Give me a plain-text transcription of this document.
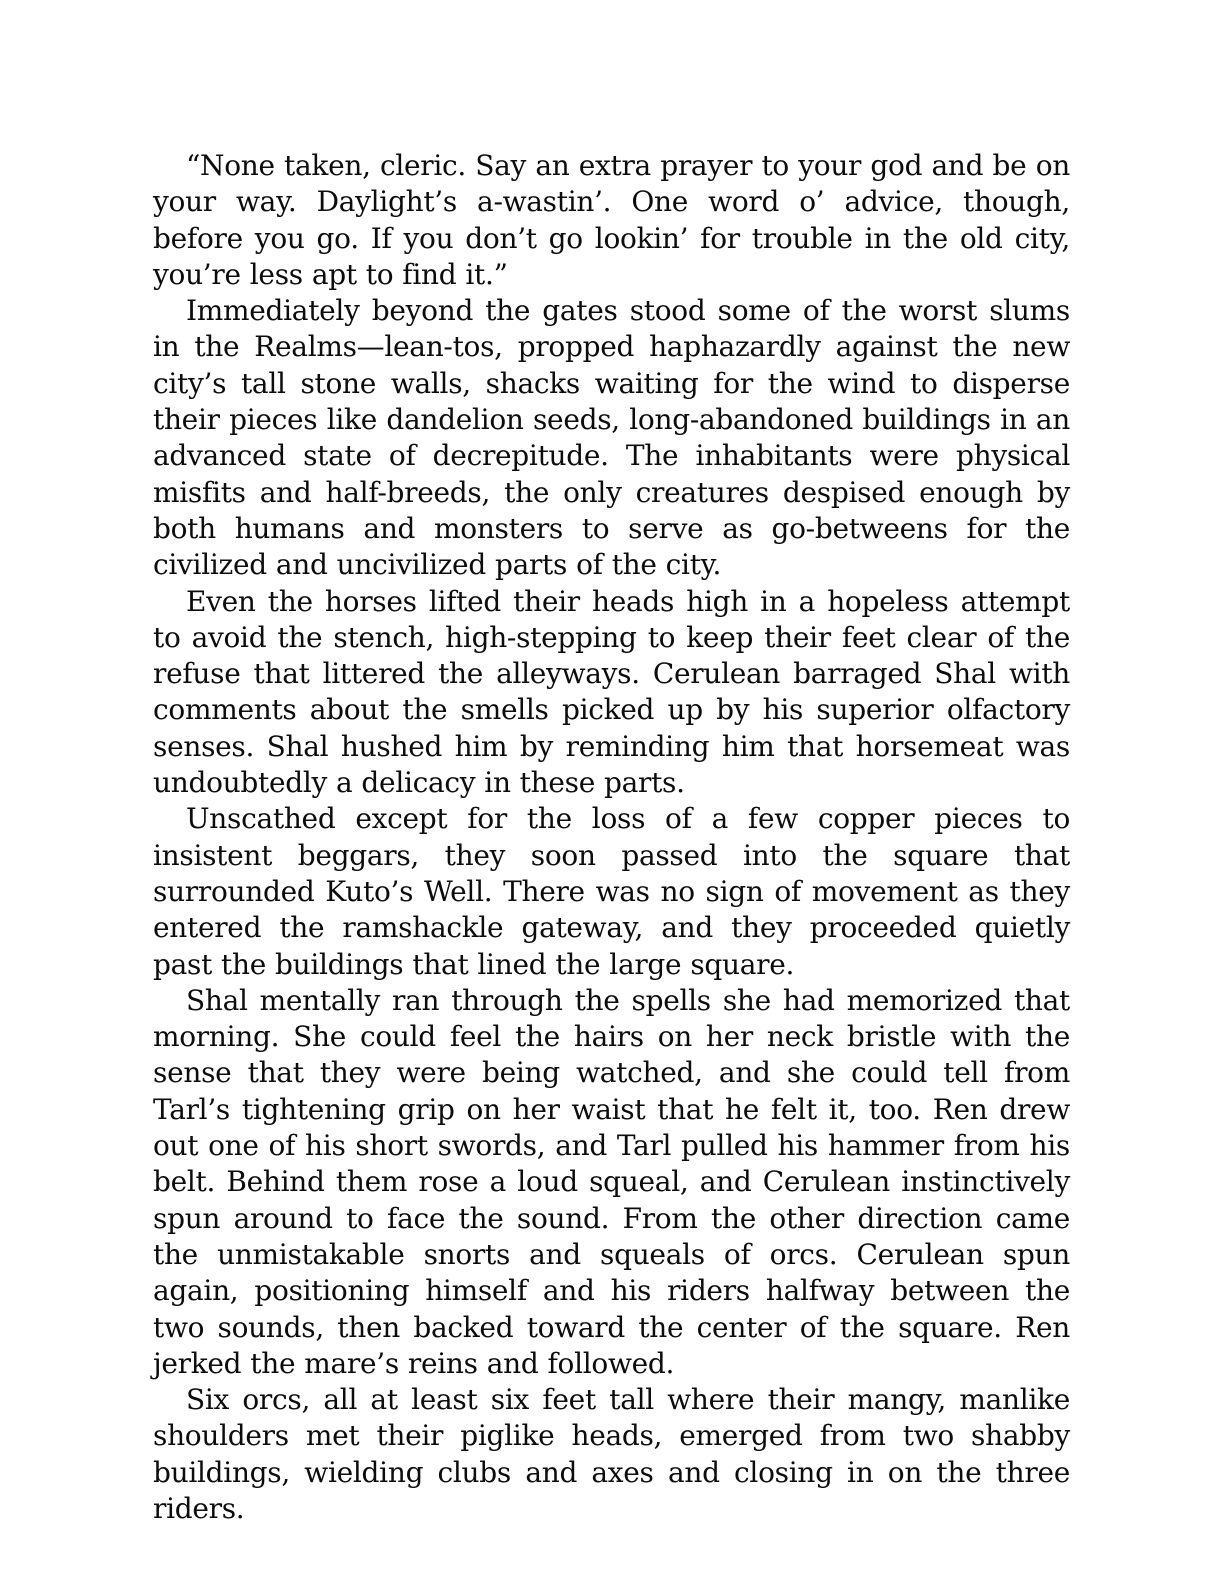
“None taken, cleric. Say an extra prayer to your god and be on your way. Daylight’s a-wastin’. One word o’ advice, though, before you go. If you don’t go lookin’ for trouble in the old city, you’re less apt to find it.”

Immediately beyond the gates stood some of the worst slums in the Realms—lean-tos, propped haphazardly against the new city’s tall stone walls, shacks waiting for the wind to disperse their pieces like dandelion seeds, long-abandoned buildings in an advanced state of decrepitude. The inhabitants were physical misfits and half-breeds, the only creatures despised enough by both humans and monsters to serve as go-betweens for the civilized and uncivilized parts of the city.

Even the horses lifted their heads high in a hopeless attempt to avoid the stench, high-stepping to keep their feet clear of the refuse that littered the alleyways. Cerulean barraged Shal with comments about the smells picked up by his superior olfactory senses. Shal hushed him by reminding him that horsemeat was undoubtedly a delicacy in these parts.

Unscathed except for the loss of a few copper pieces to insistent beggars, they soon passed into the square that surrounded Kuto’s Well. There was no sign of movement as they entered the ramshackle gateway, and they proceeded quietly past the buildings that lined the large square.

Shal mentally ran through the spells she had memorized that morning. She could feel the hairs on her neck bristle with the sense that they were being watched, and she could tell from Tarl’s tightening grip on her waist that he felt it, too. Ren drew out one of his short swords, and Tarl pulled his hammer from his belt. Behind them rose a loud squeal, and Cerulean instinctively spun around to face the sound. From the other direction came the unmistakable snorts and squeals of orcs. Cerulean spun again, positioning himself and his riders halfway between the two sounds, then backed toward the center of the square. Ren jerked the mare’s reins and followed.

Six orcs, all at least six feet tall where their mangy, manlike shoulders met their piglike heads, emerged from two shabby buildings, wielding clubs and axes and closing in on the three riders.
